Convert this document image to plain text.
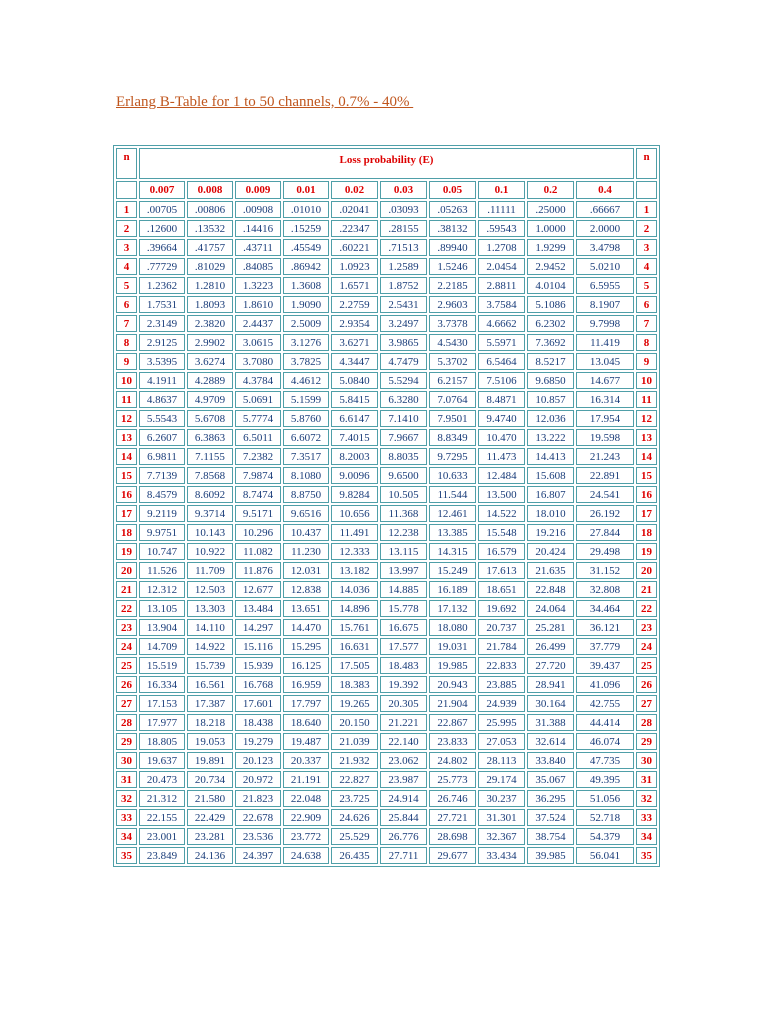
Erlang B-Table for 1 to 50 channels, 0.7% - 40%

n	Loss probability (E)										n
	0.007	0.008	0.009	0.01	0.02	0.03	0.05	0.1	0.2	0.4	
1	.00705	.00806	.00908	.01010	.02041	.03093	.05263	.11111	.25000	.66667	1
2	.12600	.13532	.14416	.15259	.22347	.28155	.38132	.59543	1.0000	2.0000	2
3	.39664	.41757	.43711	.45549	.60221	.71513	.89940	1.2708	1.9299	3.4798	3
4	.77729	.81029	.84085	.86942	1.0923	1.2589	1.5246	2.0454	2.9452	5.0210	4
5	1.2362	1.2810	1.3223	1.3608	1.6571	1.8752	2.2185	2.8811	4.0104	6.5955	5
6	1.7531	1.8093	1.8610	1.9090	2.2759	2.5431	2.9603	3.7584	5.1086	8.1907	6
7	2.3149	2.3820	2.4437	2.5009	2.9354	3.2497	3.7378	4.6662	6.2302	9.7998	7
8	2.9125	2.9902	3.0615	3.1276	3.6271	3.9865	4.5430	5.5971	7.3692	11.419	8
9	3.5395	3.6274	3.7080	3.7825	4.3447	4.7479	5.3702	6.5464	8.5217	13.045	9
10	4.1911	4.2889	4.3784	4.4612	5.0840	5.5294	6.2157	7.5106	9.6850	14.677	10
11	4.8637	4.9709	5.0691	5.1599	5.8415	6.3280	7.0764	8.4871	10.857	16.314	11
12	5.5543	5.6708	5.7774	5.8760	6.6147	7.1410	7.9501	9.4740	12.036	17.954	12
13	6.2607	6.3863	6.5011	6.6072	7.4015	7.9667	8.8349	10.470	13.222	19.598	13
14	6.9811	7.1155	7.2382	7.3517	8.2003	8.8035	9.7295	11.473	14.413	21.243	14
15	7.7139	7.8568	7.9874	8.1080	9.0096	9.6500	10.633	12.484	15.608	22.891	15
16	8.4579	8.6092	8.7474	8.8750	9.8284	10.505	11.544	13.500	16.807	24.541	16
17	9.2119	9.3714	9.5171	9.6516	10.656	11.368	12.461	14.522	18.010	26.192	17
18	9.9751	10.143	10.296	10.437	11.491	12.238	13.385	15.548	19.216	27.844	18
19	10.747	10.922	11.082	11.230	12.333	13.115	14.315	16.579	20.424	29.498	19
20	11.526	11.709	11.876	12.031	13.182	13.997	15.249	17.613	21.635	31.152	20
21	12.312	12.503	12.677	12.838	14.036	14.885	16.189	18.651	22.848	32.808	21
22	13.105	13.303	13.484	13.651	14.896	15.778	17.132	19.692	24.064	34.464	22
23	13.904	14.110	14.297	14.470	15.761	16.675	18.080	20.737	25.281	36.121	23
24	14.709	14.922	15.116	15.295	16.631	17.577	19.031	21.784	26.499	37.779	24
25	15.519	15.739	15.939	16.125	17.505	18.483	19.985	22.833	27.720	39.437	25
26	16.334	16.561	16.768	16.959	18.383	19.392	20.943	23.885	28.941	41.096	26
27	17.153	17.387	17.601	17.797	19.265	20.305	21.904	24.939	30.164	42.755	27
28	17.977	18.218	18.438	18.640	20.150	21.221	22.867	25.995	31.388	44.414	28
29	18.805	19.053	19.279	19.487	21.039	22.140	23.833	27.053	32.614	46.074	29
30	19.637	19.891	20.123	20.337	21.932	23.062	24.802	28.113	33.840	47.735	30
31	20.473	20.734	20.972	21.191	22.827	23.987	25.773	29.174	35.067	49.395	31
32	21.312	21.580	21.823	22.048	23.725	24.914	26.746	30.237	36.295	51.056	32
33	22.155	22.429	22.678	22.909	24.626	25.844	27.721	31.301	37.524	52.718	33
34	23.001	23.281	23.536	23.772	25.529	26.776	28.698	32.367	38.754	54.379	34
35	23.849	24.136	24.397	24.638	26.435	27.711	29.677	33.434	39.985	56.041	35
